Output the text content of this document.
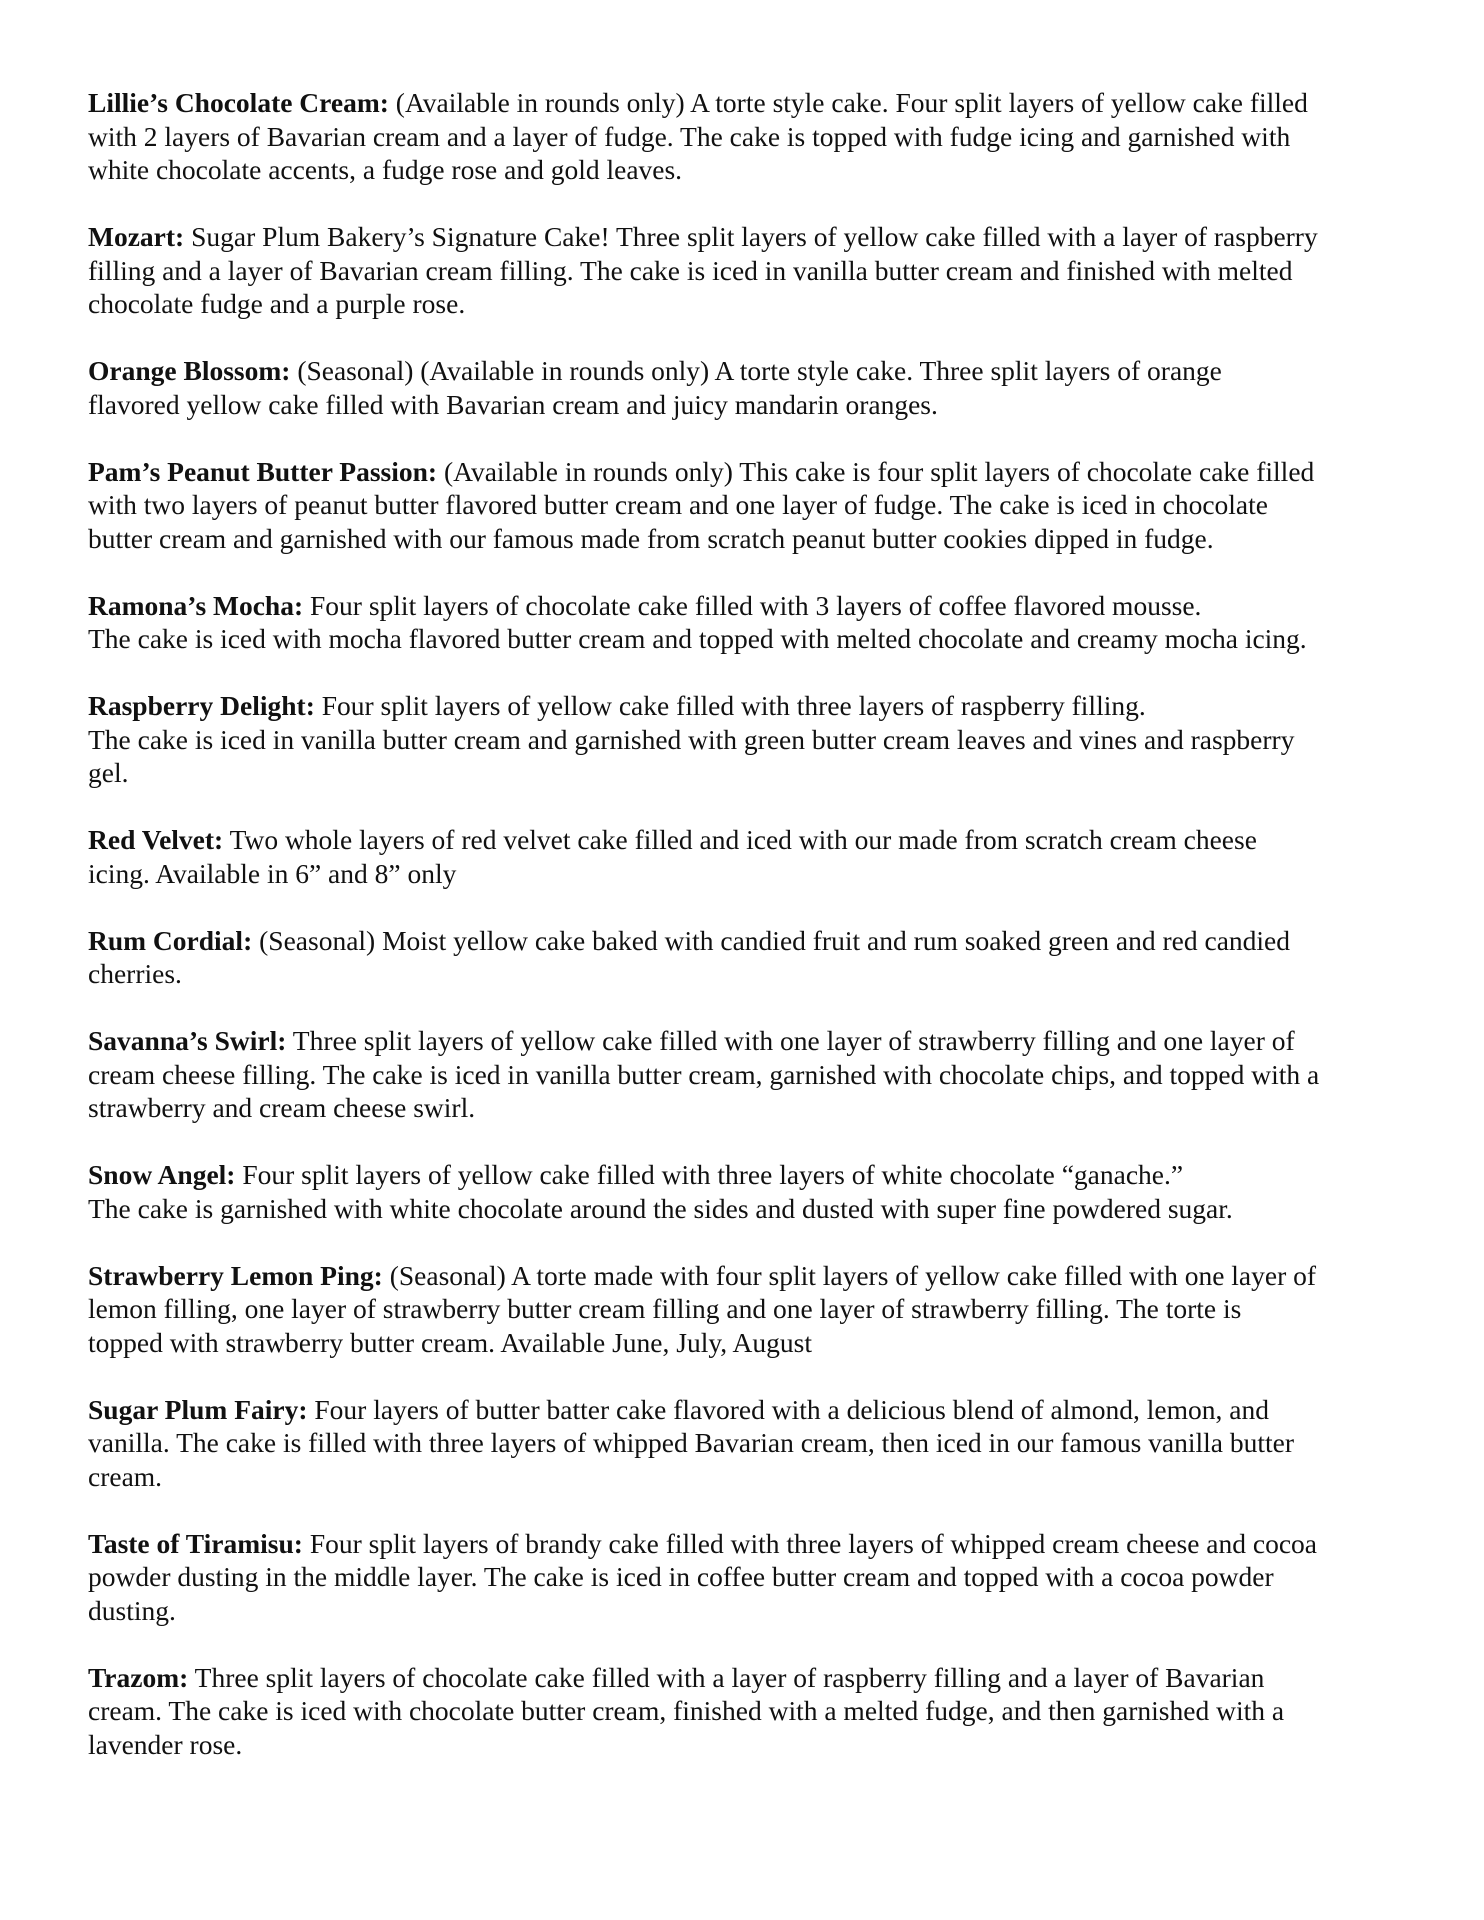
Lillie’s Chocolate Cream: (Available in rounds only) A torte style cake. Four split layers of yellow cake filled

with 2 layers of Bavarian cream and a layer of fudge. The cake is topped with fudge icing and garnished with

white chocolate accents, a fudge rose and gold leaves.

Mozart: Sugar Plum Bakery’s Signature Cake! Three split layers of yellow cake filled with a layer of raspberry

filling and a layer of Bavarian cream filling. The cake is iced in vanilla butter cream and finished with melted

chocolate fudge and a purple rose.

Orange Blossom: (Seasonal) (Available in rounds only) A torte style cake. Three split layers of orange

flavored yellow cake filled with Bavarian cream and juicy mandarin oranges.

Pam’s Peanut Butter Passion: (Available in rounds only) This cake is four split layers of chocolate cake filled

with two layers of peanut butter flavored butter cream and one layer of fudge. The cake is iced in chocolate

butter cream and garnished with our famous made from scratch peanut butter cookies dipped in fudge.

Ramona’s Mocha: Four split layers of chocolate cake filled with 3 layers of coffee flavored mousse.

The cake is iced with mocha flavored butter cream and topped with melted chocolate and creamy mocha icing.

Raspberry Delight: Four split layers of yellow cake filled with three layers of raspberry filling.

The cake is iced in vanilla butter cream and garnished with green butter cream leaves and vines and raspberry

gel.

Red Velvet: Two whole layers of red velvet cake filled and iced with our made from scratch cream cheese

icing. Available in 6” and 8” only

Rum Cordial: (Seasonal) Moist yellow cake baked with candied fruit and rum soaked green and red candied

cherries.

Savanna’s Swirl: Three split layers of yellow cake filled with one layer of strawberry filling and one layer of

cream cheese filling. The cake is iced in vanilla butter cream, garnished with chocolate chips, and topped with a

strawberry and cream cheese swirl.

Snow Angel: Four split layers of yellow cake filled with three layers of white chocolate “ganache.”

The cake is garnished with white chocolate around the sides and dusted with super fine powdered sugar.

Strawberry Lemon Ping: (Seasonal) A torte made with four split layers of yellow cake filled with one layer of

lemon filling, one layer of strawberry butter cream filling and one layer of strawberry filling. The torte is

topped with strawberry butter cream. Available June, July, August

Sugar Plum Fairy: Four layers of butter batter cake flavored with a delicious blend of almond, lemon, and

vanilla. The cake is filled with three layers of whipped Bavarian cream, then iced in our famous vanilla butter

cream.

Taste of Tiramisu: Four split layers of brandy cake filled with three layers of whipped cream cheese and cocoa

powder dusting in the middle layer. The cake is iced in coffee butter cream and topped with a cocoa powder

dusting.

Trazom: Three split layers of chocolate cake filled with a layer of raspberry filling and a layer of Bavarian

cream. The cake is iced with chocolate butter cream, finished with a melted fudge, and then garnished with a

lavender rose.
